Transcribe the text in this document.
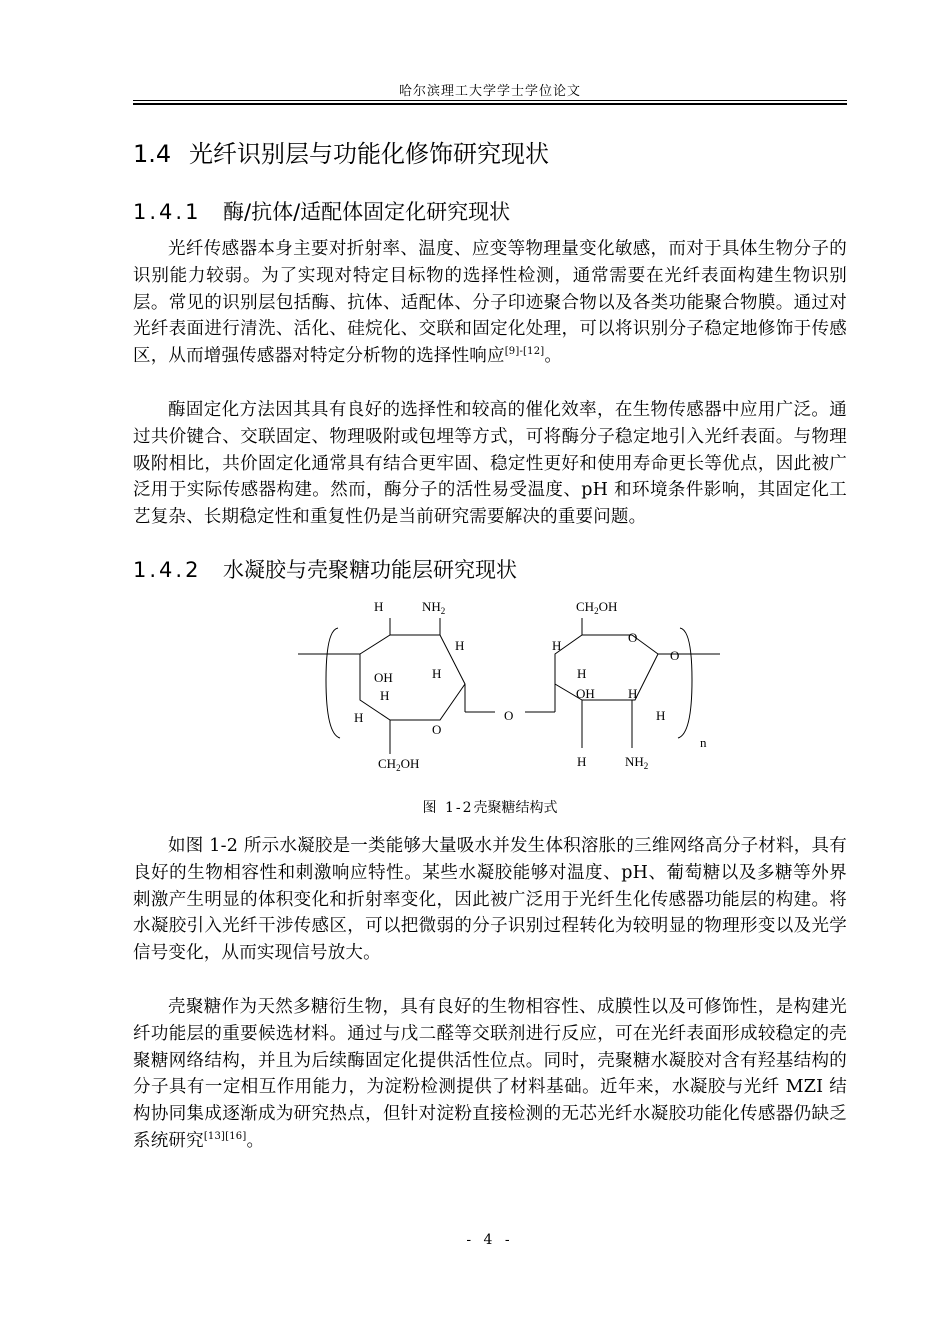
哈尔滨理工大学学士学位论文
1.4 光纤识别层与功能化修饰研究现状
1.4.1 酶/抗体/适配体固定化研究现状

光纤传感器本身主要对折射率、温度、应变等物理量变化敏感，而对于具体生物分子的识别能力较弱。为了实现对特定目标物的选择性检测，通常需要在光纤表面构建生物识别层。常见的识别层包括酶、抗体、适配体、分子印迹聚合物以及各类功能聚合物膜。通过对光纤表面进行清洗、活化、硅烷化、交联和固定化处理，可以将识别分子稳定地修饰于传感区，从而增强传感器对特定分析物的选择性响应[9]-[12]。

酶固定化方法因其具有良好的选择性和较高的催化效率，在生物传感器中应用广泛。通过共价键合、交联固定、物理吸附或包埋等方式，可将酶分子稳定地引入光纤表面。与物理吸附相比，共价固定化通常具有结合更牢固、稳定性更好和使用寿命更长等优点，因此被广泛用于实际传感器构建。然而，酶分子的活性易受温度、pH 和环境条件影响，其固定化工艺复杂、长期稳定性和重复性仍是当前研究需要解决的重要问题。

1.4.2 水凝胶与壳聚糖功能层研究现状
H	$NH_2$
H
OH	H
H
H
O
O
$CH_2OH$
$CH_2OH$
O
H
O
H
OH	H
H
n
H	$NH_2$
图 1-2壳聚糖结构式

如图 1-2 所示水凝胶是一类能够大量吸水并发生体积溶胀的三维网络高分子材料，具有良好的生物相容性和刺激响应特性。某些水凝胶能够对温度、pH、葡萄糖以及多糖等外界刺激产生明显的体积变化和折射率变化，因此被广泛用于光纤生化传感器功能层的构建。将水凝胶引入光纤干涉传感区，可以把微弱的分子识别过程转化为较明显的物理形变以及光学信号变化，从而实现信号放大。

壳聚糖作为天然多糖衍生物，具有良好的生物相容性、成膜性以及可修饰性，是构建光纤功能层的重要候选材料。通过与戊二醛等交联剂进行反应，可在光纤表面形成较稳定的壳聚糖网络结构，并且为后续酶固定化提供活性位点。同时，壳聚糖水凝胶对含有羟基结构的分子具有一定相互作用能力，为淀粉检测提供了材料基础。近年来，水凝胶与光纤 MZI 结构协同集成逐渐成为研究热点，但针对淀粉直接检测的无芯光纤水凝胶功能化传感器仍缺乏系统研究[13][16]。

- 4 -
